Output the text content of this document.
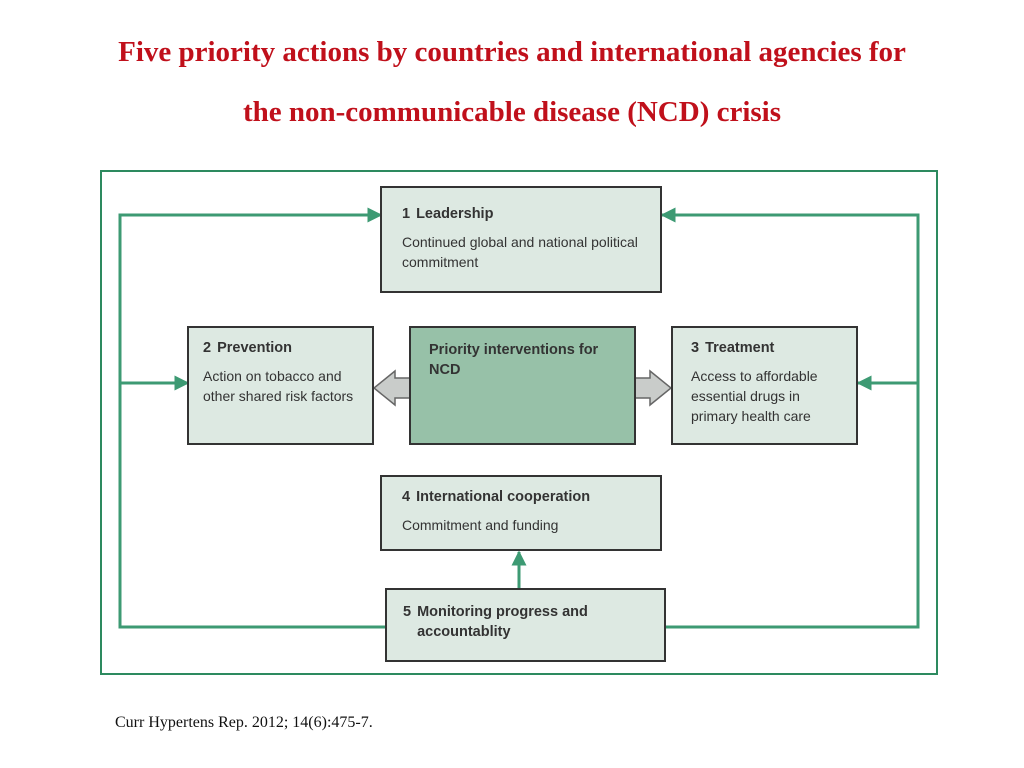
Five priority actions by countries and international agencies for
the non-communicable disease (NCD) crisis
1 Leadership
Continued global and national political commitment
2 Prevention
Action on tobacco and other shared risk factors
Priority interventions for NCD
3 Treatment
Access to affordable essential drugs in primary health care
4 International cooperation
Commitment and funding
5 Monitoring progress and accountablity
Curr Hypertens Rep. 2012; 14(6):475-7.
